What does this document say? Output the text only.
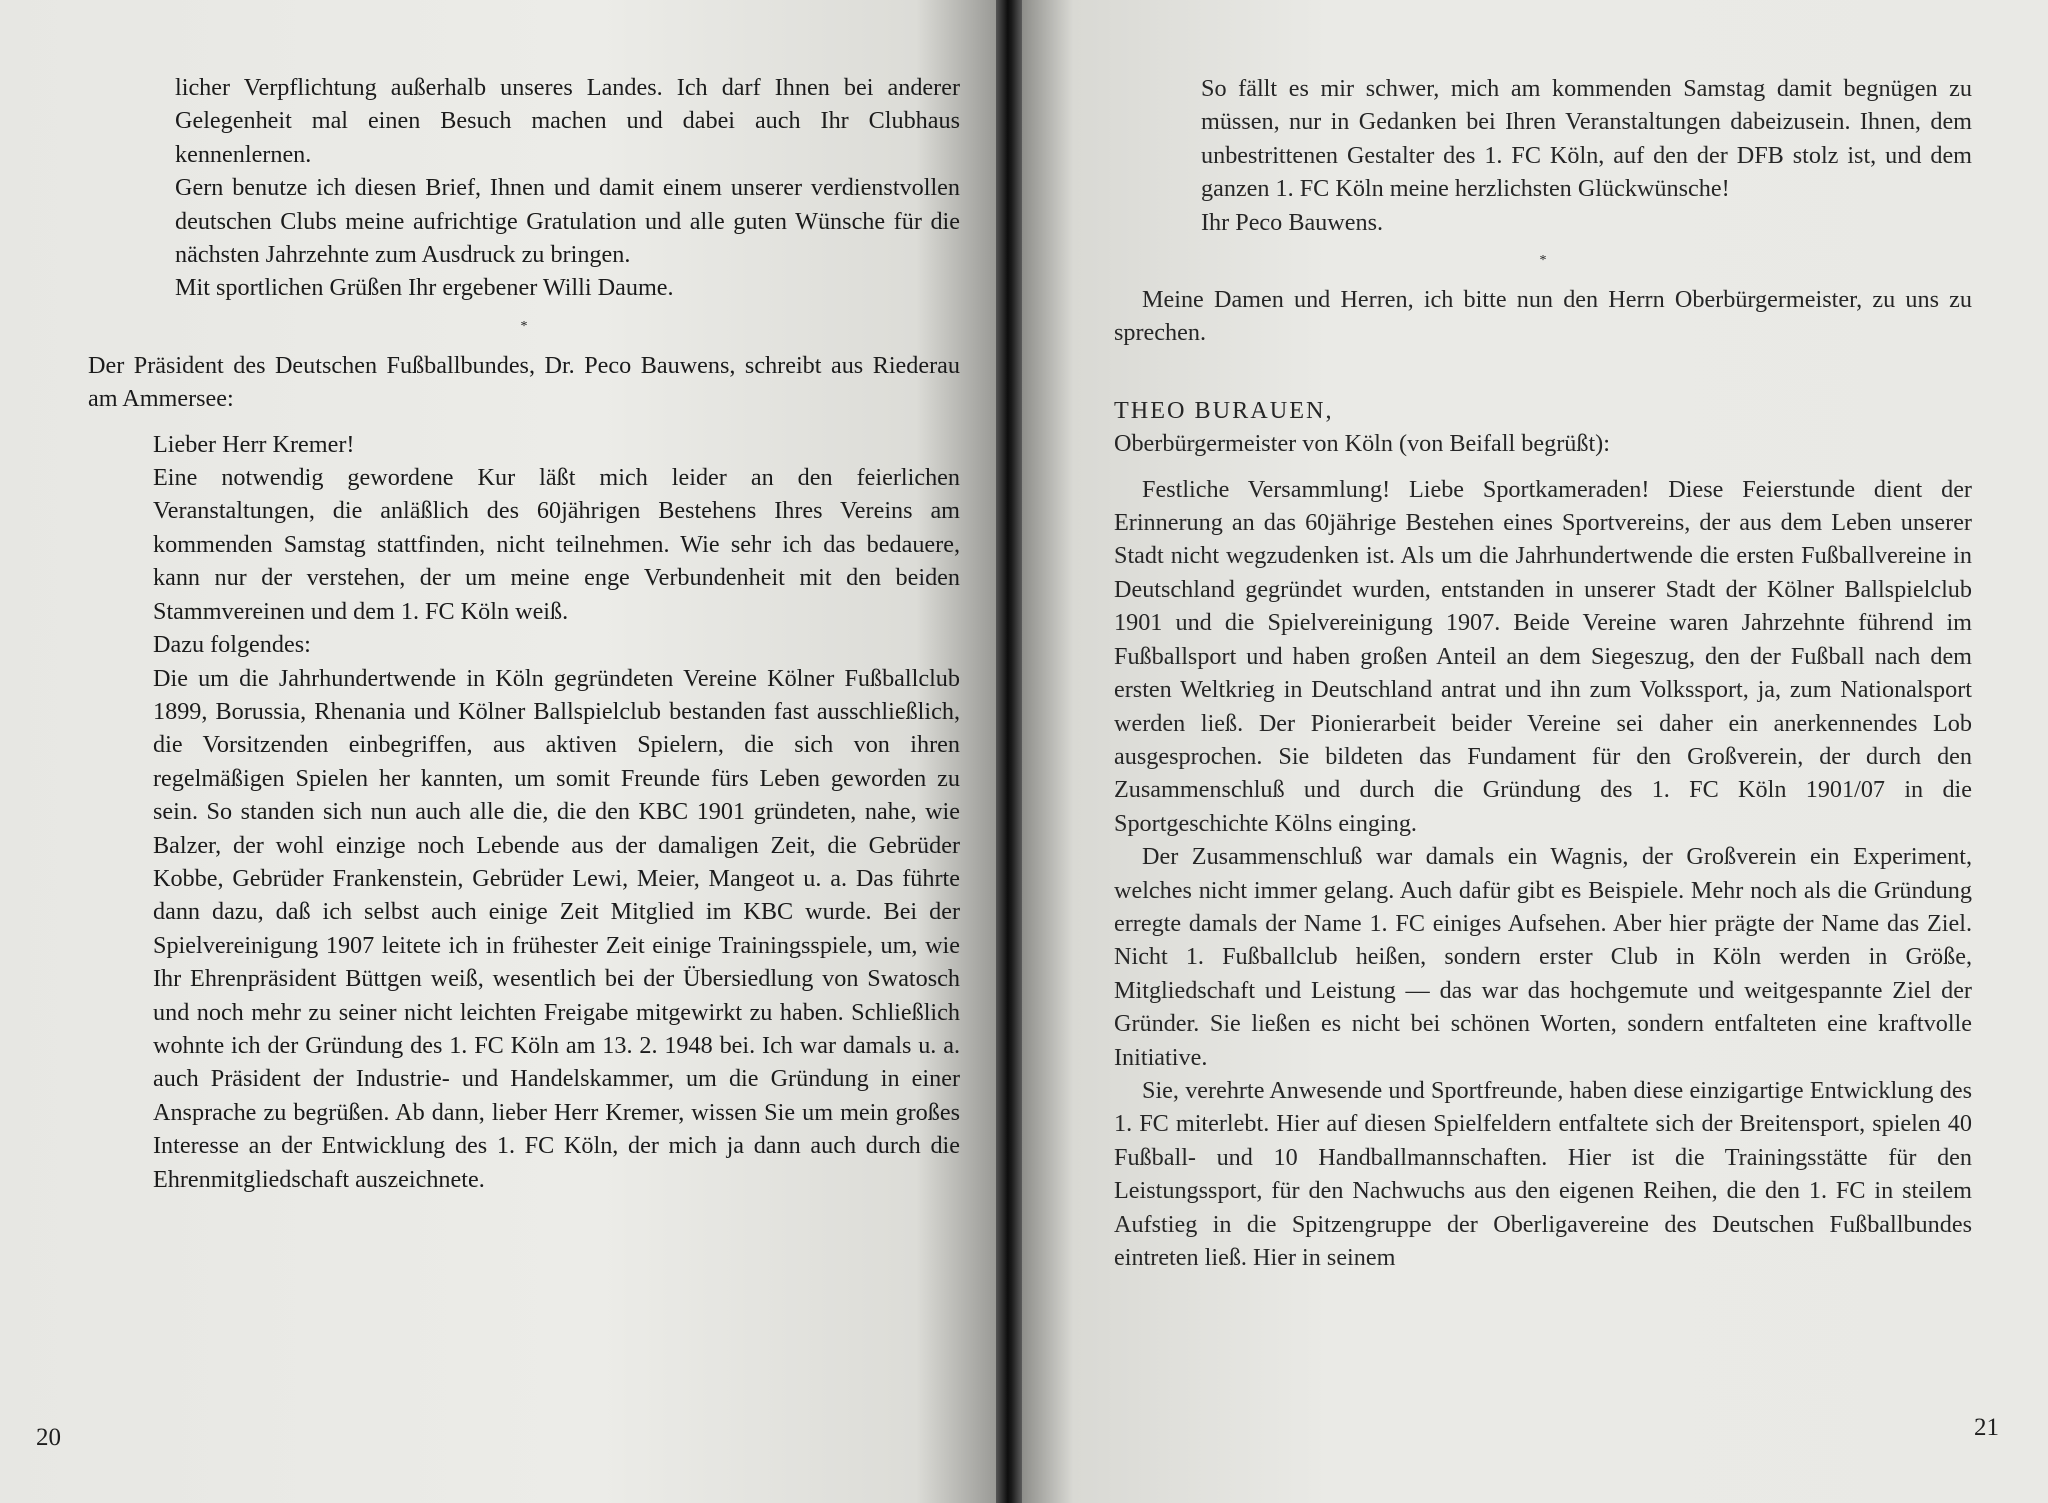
licher Verpflichtung außerhalb unseres Landes. Ich darf Ihnen bei anderer Gelegenheit mal einen Besuch machen und dabei auch Ihr Clubhaus kennenlernen.

Gern benutze ich diesen Brief, Ihnen und damit einem unserer verdienstvollen deutschen Clubs meine aufrichtige Gratulation und alle guten Wünsche für die nächsten Jahrzehnte zum Ausdruck zu bringen.

Mit sportlichen Grüßen Ihr ergebener Willi Daume.

*

Der Präsident des Deutschen Fußballbundes, Dr. Peco Bauwens, schreibt aus Riederau am Ammersee:

Lieber Herr Kremer!

Eine notwendig gewordene Kur läßt mich leider an den feierlichen Veranstaltungen, die anläßlich des 60jährigen Bestehens Ihres Vereins am kommenden Samstag stattfinden, nicht teilnehmen. Wie sehr ich das bedauere, kann nur der verstehen, der um meine enge Verbundenheit mit den beiden Stammvereinen und dem 1. FC Köln weiß.

Dazu folgendes:

Die um die Jahrhundertwende in Köln gegründeten Vereine Kölner Fußballclub 1899, Borussia, Rhenania und Kölner Ballspielclub bestanden fast ausschließlich, die Vorsitzenden einbegriffen, aus aktiven Spielern, die sich von ihren regelmäßigen Spielen her kannten, um somit Freunde fürs Leben geworden zu sein. So standen sich nun auch alle die, die den KBC 1901 gründeten, nahe, wie Balzer, der wohl einzige noch Lebende aus der damaligen Zeit, die Gebrüder Kobbe, Gebrüder Frankenstein, Gebrüder Lewi, Meier, Mangeot u. a. Das führte dann dazu, daß ich selbst auch einige Zeit Mitglied im KBC wurde. Bei der Spielvereinigung 1907 leitete ich in frühester Zeit einige Trainingsspiele, um, wie Ihr Ehrenpräsident Büttgen weiß, wesentlich bei der Übersiedlung von Swatosch und noch mehr zu seiner nicht leichten Freigabe mitgewirkt zu haben. Schließlich wohnte ich der Gründung des 1. FC Köln am 13. 2. 1948 bei. Ich war damals u. a. auch Präsident der Industrie- und Handelskammer, um die Gründung in einer Ansprache zu begrüßen. Ab dann, lieber Herr Kremer, wissen Sie um mein großes Interesse an der Entwicklung des 1. FC Köln, der mich ja dann auch durch die Ehrenmitgliedschaft auszeichnete.

20

So fällt es mir schwer, mich am kommenden Samstag damit begnügen zu müssen, nur in Gedanken bei Ihren Veranstaltungen dabeizusein. Ihnen, dem unbestrittenen Gestalter des 1. FC Köln, auf den der DFB stolz ist, und dem ganzen 1. FC Köln meine herzlichsten Glückwünsche!

Ihr Peco Bauwens.

*

Meine Damen und Herren, ich bitte nun den Herrn Oberbürgermeister, zu uns zu sprechen.

THEO BURAUEN,

Oberbürgermeister von Köln (von Beifall begrüßt):

Festliche Versammlung! Liebe Sportkameraden! Diese Feierstunde dient der Erinnerung an das 60jährige Bestehen eines Sportvereins, der aus dem Leben unserer Stadt nicht wegzudenken ist. Als um die Jahrhundertwende die ersten Fußballvereine in Deutschland gegründet wurden, entstanden in unserer Stadt der Kölner Ballspielclub 1901 und die Spielvereinigung 1907. Beide Vereine waren Jahrzehnte führend im Fußballsport und haben großen Anteil an dem Siegeszug, den der Fußball nach dem ersten Weltkrieg in Deutschland antrat und ihn zum Volkssport, ja, zum Nationalsport werden ließ. Der Pionierarbeit beider Vereine sei daher ein anerkennendes Lob ausgesprochen. Sie bildeten das Fundament für den Großverein, der durch den Zusammenschluß und durch die Gründung des 1. FC Köln 1901/07 in die Sportgeschichte Kölns einging.

Der Zusammenschluß war damals ein Wagnis, der Großverein ein Experiment, welches nicht immer gelang. Auch dafür gibt es Beispiele. Mehr noch als die Gründung erregte damals der Name 1. FC einiges Aufsehen. Aber hier prägte der Name das Ziel. Nicht 1. Fußballclub heißen, sondern erster Club in Köln werden in Größe, Mitgliedschaft und Leistung — das war das hochgemute und weitgespannte Ziel der Gründer. Sie ließen es nicht bei schönen Worten, sondern entfalteten eine kraftvolle Initiative.

Sie, verehrte Anwesende und Sportfreunde, haben diese einzigartige Entwicklung des 1. FC miterlebt. Hier auf diesen Spielfeldern entfaltete sich der Breitensport, spielen 40 Fußball- und 10 Handballmannschaften. Hier ist die Trainingsstätte für den Leistungssport, für den Nachwuchs aus den eigenen Reihen, die den 1. FC in steilem Aufstieg in die Spitzengruppe der Oberligavereine des Deutschen Fußballbundes eintreten ließ. Hier in seinem

21
